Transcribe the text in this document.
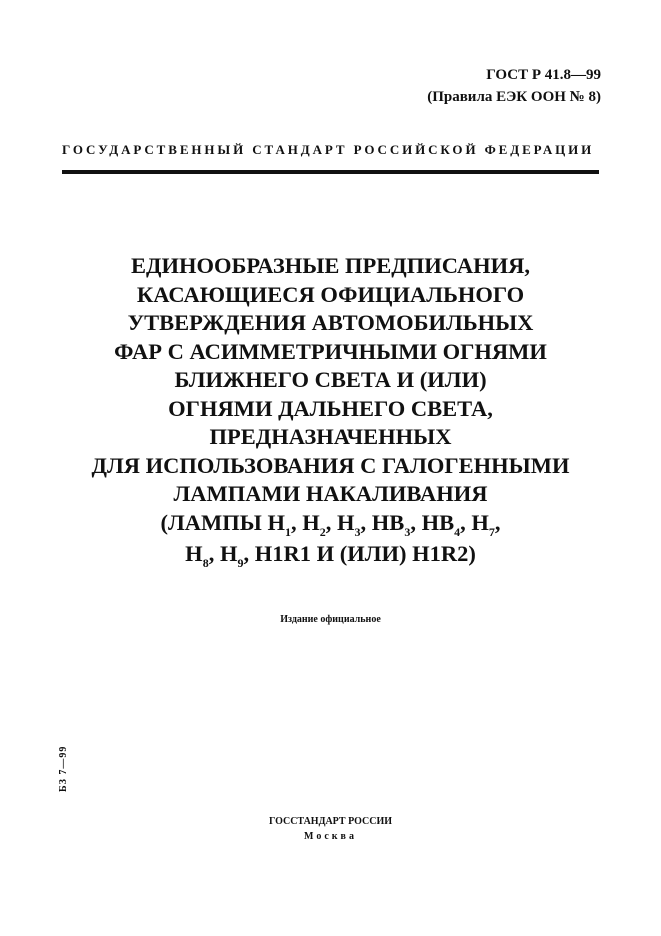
ГОСТ Р 41.8—99
(Правила ЕЭК ООН № 8)
ГОСУДАРСТВЕННЫЙ СТАНДАРТ РОССИЙСКОЙ ФЕДЕРАЦИИ
ЕДИНООБРАЗНЫЕ ПРЕДПИСАНИЯ,
КАСАЮЩИЕСЯ ОФИЦИАЛЬНОГО
УТВЕРЖДЕНИЯ АВТОМОБИЛЬНЫХ
ФАР С АСИММЕТРИЧНЫМИ ОГНЯМИ
БЛИЖНЕГО СВЕТА И (ИЛИ)
ОГНЯМИ ДАЛЬНЕГО СВЕТА,
ПРЕДНАЗНАЧЕННЫХ
ДЛЯ ИСПОЛЬЗОВАНИЯ С ГАЛОГЕННЫМИ
ЛАМПАМИ НАКАЛИВАНИЯ
(ЛАМПЫ $H_1$, $H_2$, $H_3$, $HB_3$, $HB_4$, $H_7$,
$H_8$, $H_9$, H1R1 И (ИЛИ) H1R2)
Издание официальное
БЗ 7—99
ГОССТАНДАРТ РОССИИ
Москва
